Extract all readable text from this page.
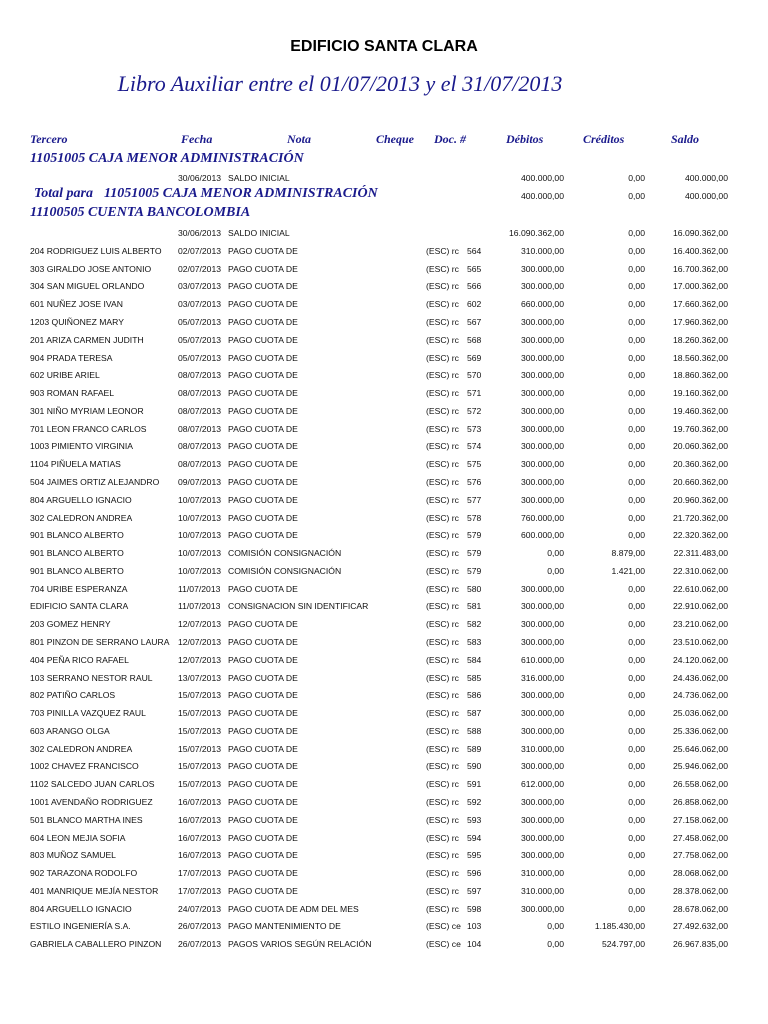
EDIFICIO SANTA CLARA
Libro Auxiliar entre el 01/07/2013 y el 31/07/2013
Tercero	Fecha	Nota	Cheque Doc. #	Débitos	Créditos	Saldo
11051005 CAJA MENOR ADMINISTRACIÓN
30/06/2013 SALDO INICIAL	400.000,00	0,00	400.000,00
Total para 11051005 CAJA MENOR ADMINISTRACIÓN	400.000,00	0,00	400.000,00
11100505 CUENTA BANCOLOMBIA
30/06/2013 SALDO INICIAL	16.090.362,00	0,00	16.090.362,00
204 RODRIGUEZ LUIS ALBERTO 02/07/2013 PAGO CUOTA DE	(ESC) rc 564	310.000,00	0,00	16.400.362,00
303 GIRALDO JOSE ANTONIO	02/07/2013 PAGO CUOTA DE	(ESC) rc 565	300.000,00	0,00	16.700.362,00
304 SAN MIGUEL ORLANDO	03/07/2013 PAGO CUOTA DE	(ESC) rc 566	300.000,00	0,00	17.000.362,00
601 NUÑEZ JOSE IVAN	03/07/2013 PAGO CUOTA DE	(ESC) rc 602	660.000,00	0,00	17.660.362,00
1203 QUIÑONEZ MARY	05/07/2013 PAGO CUOTA DE	(ESC) rc 567	300.000,00	0,00	17.960.362,00
201 ARIZA CARMEN JUDITH	05/07/2013 PAGO CUOTA DE	(ESC) rc 568	300.000,00	0,00	18.260.362,00
904 PRADA TERESA	05/07/2013 PAGO CUOTA DE	(ESC) rc 569	300.000,00	0,00	18.560.362,00
602 URIBE ARIEL	08/07/2013 PAGO CUOTA DE	(ESC) rc 570	300.000,00	0,00	18.860.362,00
903 ROMAN RAFAEL	08/07/2013 PAGO CUOTA DE	(ESC) rc 571	300.000,00	0,00	19.160.362,00
301 NIÑO MYRIAM LEONOR	08/07/2013 PAGO CUOTA DE	(ESC) rc 572	300.000,00	0,00	19.460.362,00
701 LEON FRANCO CARLOS	08/07/2013 PAGO CUOTA DE	(ESC) rc 573	300.000,00	0,00	19.760.362,00
1003 PIMIENTO VIRGINIA	08/07/2013 PAGO CUOTA DE	(ESC) rc 574	300.000,00	0,00	20.060.362,00
1104 PIÑUELA MATIAS	08/07/2013 PAGO CUOTA DE	(ESC) rc 575	300.000,00	0,00	20.360.362,00
504 JAIMES ORTIZ ALEJANDRO 09/07/2013 PAGO CUOTA DE	(ESC) rc 576	300.000,00	0,00	20.660.362,00
804 ARGUELLO IGNACIO	10/07/2013 PAGO CUOTA DE	(ESC) rc 577	300.000,00	0,00	20.960.362,00
302 CALEDRON ANDREA	10/07/2013 PAGO CUOTA DE	(ESC) rc 578	760.000,00	0,00	21.720.362,00
901 BLANCO ALBERTO	10/07/2013 PAGO CUOTA DE	(ESC) rc 579	600.000,00	0,00	22.320.362,00
901 BLANCO ALBERTO	10/07/2013 COMISIÓN CONSIGNACIÓN	(ESC) rc 579	0,00	8.879,00	22.311.483,00
901 BLANCO ALBERTO	10/07/2013 COMISIÓN CONSIGNACIÓN	(ESC) rc 579	0,00	1.421,00	22.310.062,00
704 URIBE ESPERANZA	11/07/2013 PAGO CUOTA DE	(ESC) rc 580	300.000,00	0,00	22.610.062,00
EDIFICIO SANTA CLARA	11/07/2013 CONSIGNACION SIN IDENTIFICAR	(ESC) rc 581	300.000,00	0,00	22.910.062,00
203 GOMEZ HENRY	12/07/2013 PAGO CUOTA DE	(ESC) rc 582	300.000,00	0,00	23.210.062,00
801 PINZON DE SERRANO LAURA 12/07/2013 PAGO CUOTA DE	(ESC) rc 583	300.000,00	0,00	23.510.062,00
404 PEÑA RICO RAFAEL	12/07/2013 PAGO CUOTA DE	(ESC) rc 584	610.000,00	0,00	24.120.062,00
103 SERRANO NESTOR RAUL	13/07/2013 PAGO CUOTA DE	(ESC) rc 585	316.000,00	0,00	24.436.062,00
802 PATIÑO CARLOS	15/07/2013 PAGO CUOTA DE	(ESC) rc 586	300.000,00	0,00	24.736.062,00
703 PINILLA VAZQUEZ RAUL	15/07/2013 PAGO CUOTA DE	(ESC) rc 587	300.000,00	0,00	25.036.062,00
603 ARANGO OLGA	15/07/2013 PAGO CUOTA DE	(ESC) rc 588	300.000,00	0,00	25.336.062,00
302 CALEDRON ANDREA	15/07/2013 PAGO CUOTA DE	(ESC) rc 589	310.000,00	0,00	25.646.062,00
1002 CHAVEZ FRANCISCO	15/07/2013 PAGO CUOTA DE	(ESC) rc 590	300.000,00	0,00	25.946.062,00
1102 SALCEDO JUAN CARLOS	15/07/2013 PAGO CUOTA DE	(ESC) rc 591	612.000,00	0,00	26.558.062,00
1001 AVENDAÑO RODRIGUEZ	16/07/2013 PAGO CUOTA DE	(ESC) rc 592	300.000,00	0,00	26.858.062,00
501 BLANCO MARTHA INES	16/07/2013 PAGO CUOTA DE	(ESC) rc 593	300.000,00	0,00	27.158.062,00
604 LEON MEJIA SOFIA	16/07/2013 PAGO CUOTA DE	(ESC) rc 594	300.000,00	0,00	27.458.062,00
803 MUÑOZ SAMUEL	16/07/2013 PAGO CUOTA DE	(ESC) rc 595	300.000,00	0,00	27.758.062,00
902 TARAZONA RODOLFO	17/07/2013 PAGO CUOTA DE	(ESC) rc 596	310.000,00	0,00	28.068.062,00
401 MANRIQUE MEJÍA NESTOR 17/07/2013 PAGO CUOTA DE	(ESC) rc 597	310.000,00	0,00	28.378.062,00
804 ARGUELLO IGNACIO	24/07/2013 PAGO CUOTA DE ADM DEL MES	(ESC) rc 598	300.000,00	0,00	28.678.062,00
ESTILO INGENIERÍA S.A.	26/07/2013 PAGO MANTENIMIENTO DE	(ESC) ce 103	0,00	1.185.430,00	27.492.632,00
GABRIELA CABALLERO PINZON 26/07/2013 PAGOS VARIOS SEGÚN RELACIÓN	(ESC) ce 104	0,00	524.797,00	26.967.835,00
